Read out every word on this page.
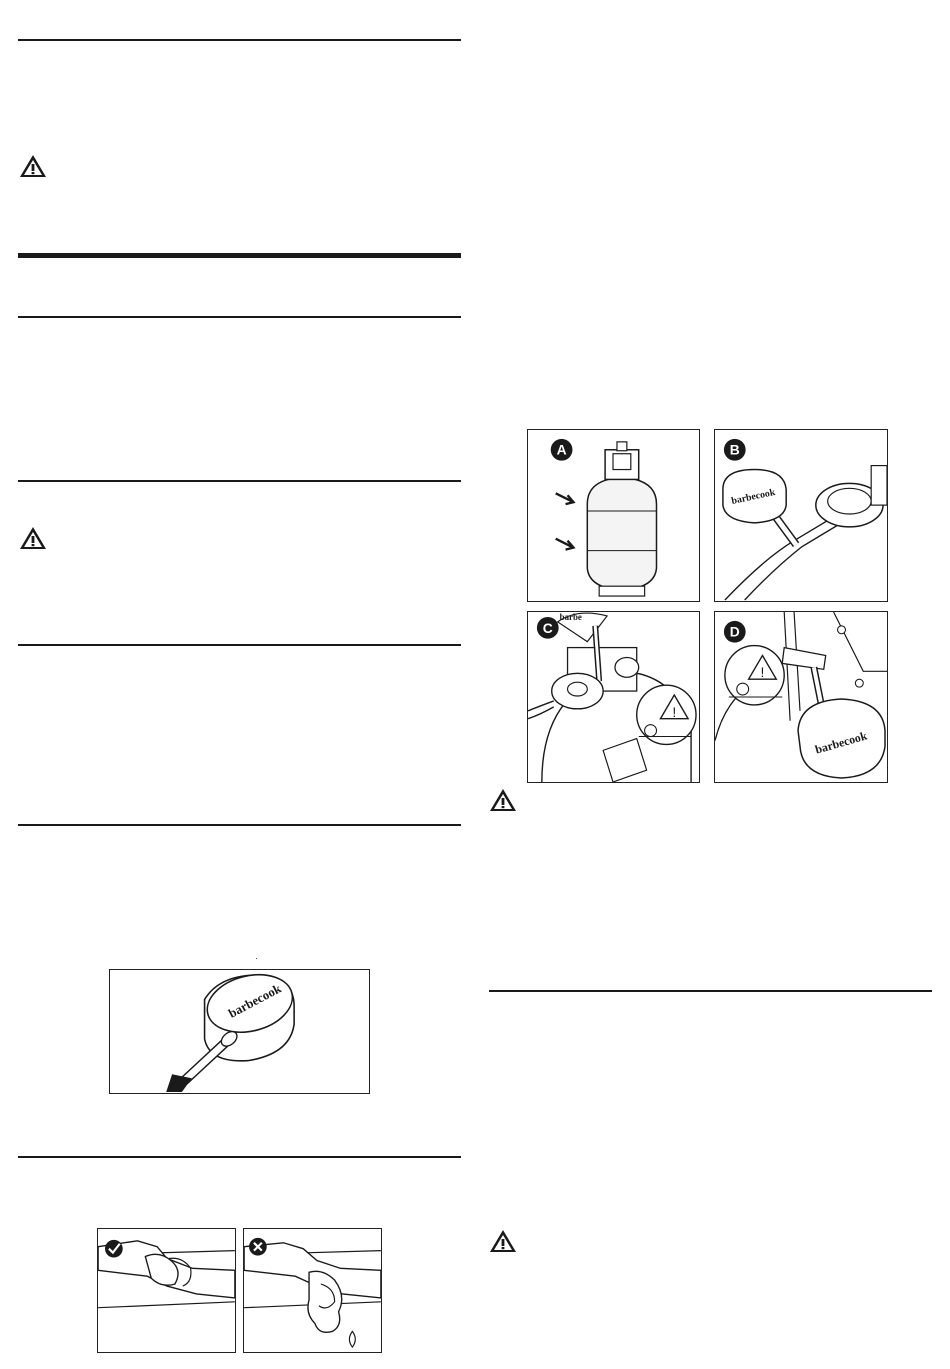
barbecook
A	B
barbecook
barbe
C
!
D
!
barbecook
